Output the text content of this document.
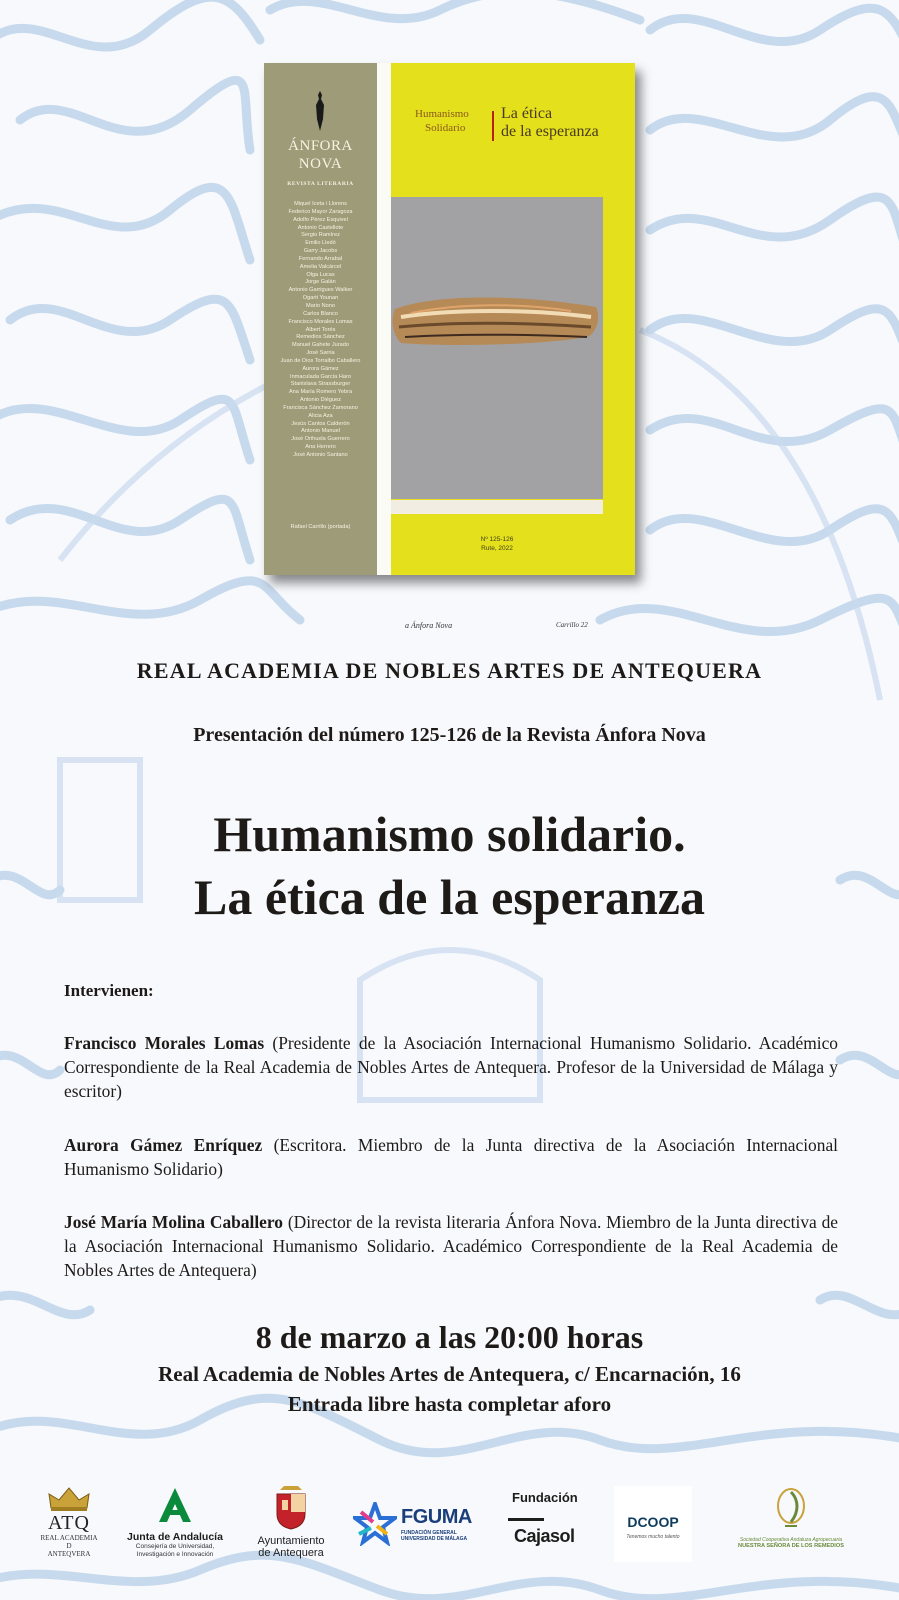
ÁNFORA
NOVA
REVISTA LITERARIA
Miquel Iceta i Llorens
Federico Mayor Zaragoza
Adolfo Pérez Esquivel
Antonio Castellote
Sergio Ramírez
Emilio Lledó
Garry Jacobs
Fernando Arrabal
Amelia Valcárcel
Olga Lucas
Jorge Galán
Antonio Garrigues Walker
Ogarit Younan
Mario Nono
Carlos Blanco
Francisco Morales Lomas
Albert Torés
Remedios Sánchez
Manuel Gahete Jurado
José Sarria
Juan de Dios Torralbo Caballero
Aurora Gámez
Inmaculada García Haro
Stanislava Strassburger
Ana María Romero Yebra
Antonio Diéguez
Francisca Sánchez Zamorano
Alicia Aza
Jesús Cantos Calderón
Antonio Manuel
José Orihuela Guerrero
Ana Herrero
José Antonio Santano
Rafael Carrillo (portada)
Humanismo
Solidario
La ética
de la esperanza
a Ánfora Nova	Carrillo 22
Nº 125-126
Rute, 2022
REAL ACADEMIA DE NOBLES ARTES DE ANTEQUERA
Presentación del número 125-126 de la Revista Ánfora Nova
Humanismo solidario.
La ética de la esperanza
Intervienen:
Francisco Morales Lomas (Presidente de la Asociación Internacional Humanismo Solidario. Académico Correspondiente de la Real Academia de Nobles Artes de Antequera. Profesor de la Universidad de Málaga y escritor)
Aurora Gámez Enríquez (Escritora. Miembro de la Junta directiva de la Asociación Internacional Humanismo Solidario)
José María Molina Caballero (Director de la revista literaria Ánfora Nova. Miembro de la Junta directiva de la Asociación Internacional Humanismo Solidario. Académico Correspondiente de la Real Academia de Nobles Artes de Antequera)
8 de marzo a las 20:00 horas
Real Academia de Nobles Artes de Antequera, c/ Encarnación, 16
Entrada libre hasta completar aforo
ATQ
REAL ACADEMIA
D
ANTEQVERA
Junta de Andalucía
Consejería de Universidad,
Investigación e Innovación
Ayuntamiento
de Antequera
FGUMA
FUNDACIÓN GENERAL
UNIVERSIDAD DE MÁLAGA
Fundación
Cajasol
DCOOP
Tenemos mucho talento	Sociedad Cooperativa Andaluza Agropecuaria
NUESTRA SEÑORA DE LOS REMEDIOS
